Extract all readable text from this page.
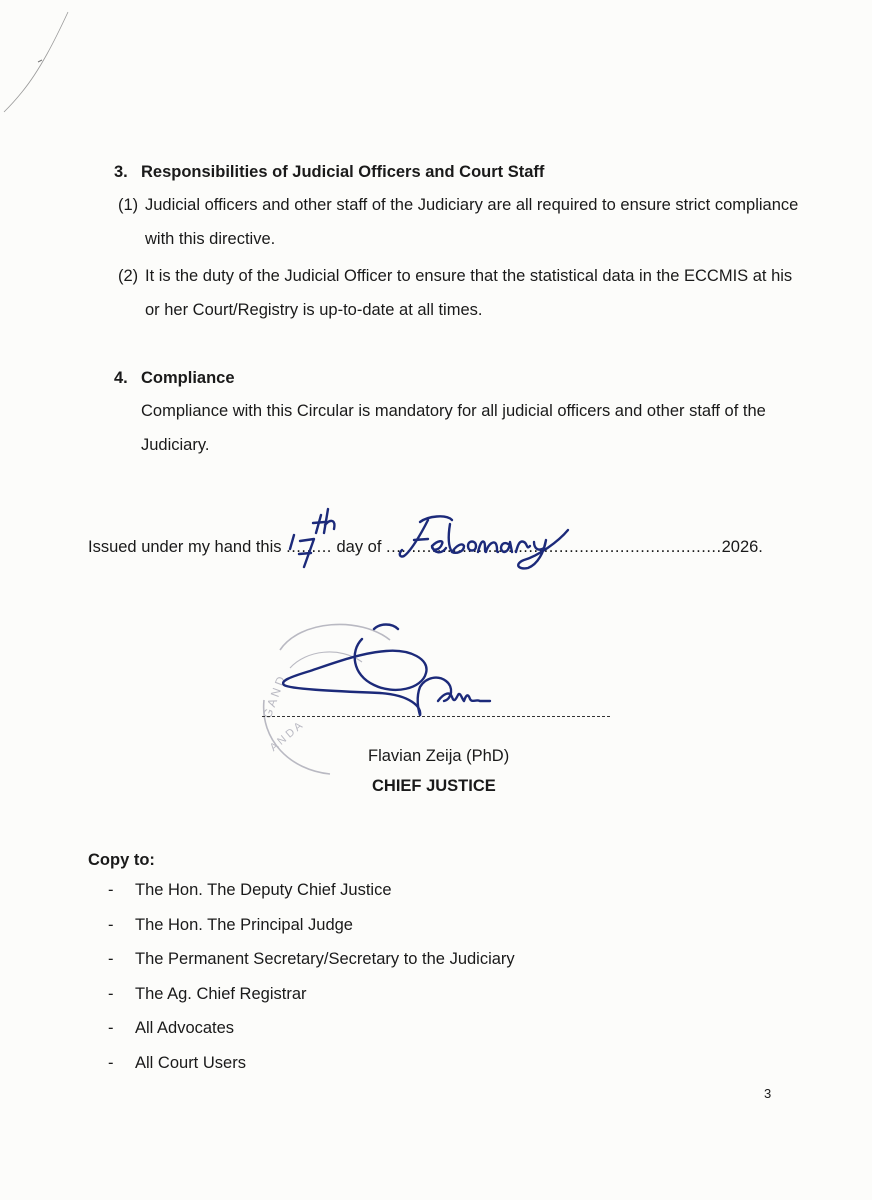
3. Responsibilities of Judicial Officers and Court Staff
(1) Judicial officers and other staff of the Judiciary are all required to ensure strict compliance
with this directive.
(2) It is the duty of the Judicial Officer to ensure that the statistical data in the ECCMIS at his
or her Court/Registry is up-to-date at all times.
4. Compliance
Compliance with this Circular is mandatory for all judicial officers and other staff of the
Judiciary.
Issued under my hand this ......... day of ..................................................................2026.
G A N D
A N D A
Flavian Zeija (PhD)
CHIEF JUSTICE
Copy to:
- The Hon. The Deputy Chief Justice
- The Hon. The Principal Judge
- The Permanent Secretary/Secretary to the Judiciary
- The Ag. Chief Registrar
- All Advocates
- All Court Users
3
